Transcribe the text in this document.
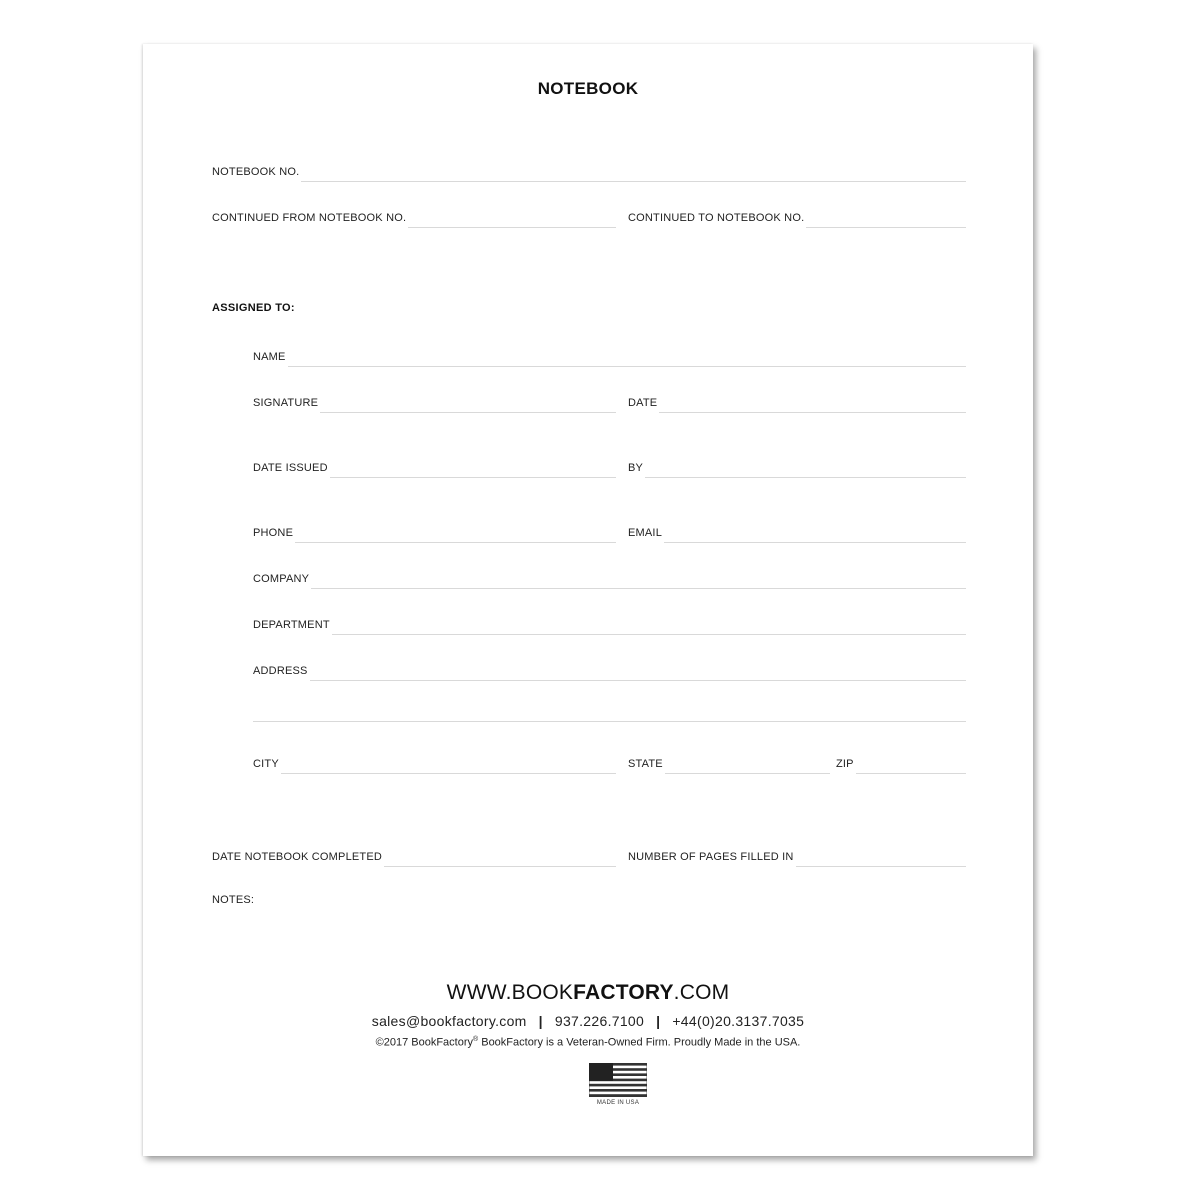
NOTEBOOK
NOTEBOOK NO.
CONTINUED FROM NOTEBOOK NO.	CONTINUED TO NOTEBOOK NO.
ASSIGNED TO:
NAME
SIGNATURE	DATE
DATE ISSUED	BY
PHONE	EMAIL
COMPANY
DEPARTMENT
ADDRESS
CITY	STATE	ZIP
DATE NOTEBOOK COMPLETED	NUMBER OF PAGES FILLED IN
NOTES:
WWW.BOOKFACTORY.COM
sales@bookfactory.com | 937.226.7100 | +44(0)20.3137.7035
©2017 BookFactory® BookFactory is a Veteran-Owned Firm. Proudly Made in the USA.
MADE IN USA
